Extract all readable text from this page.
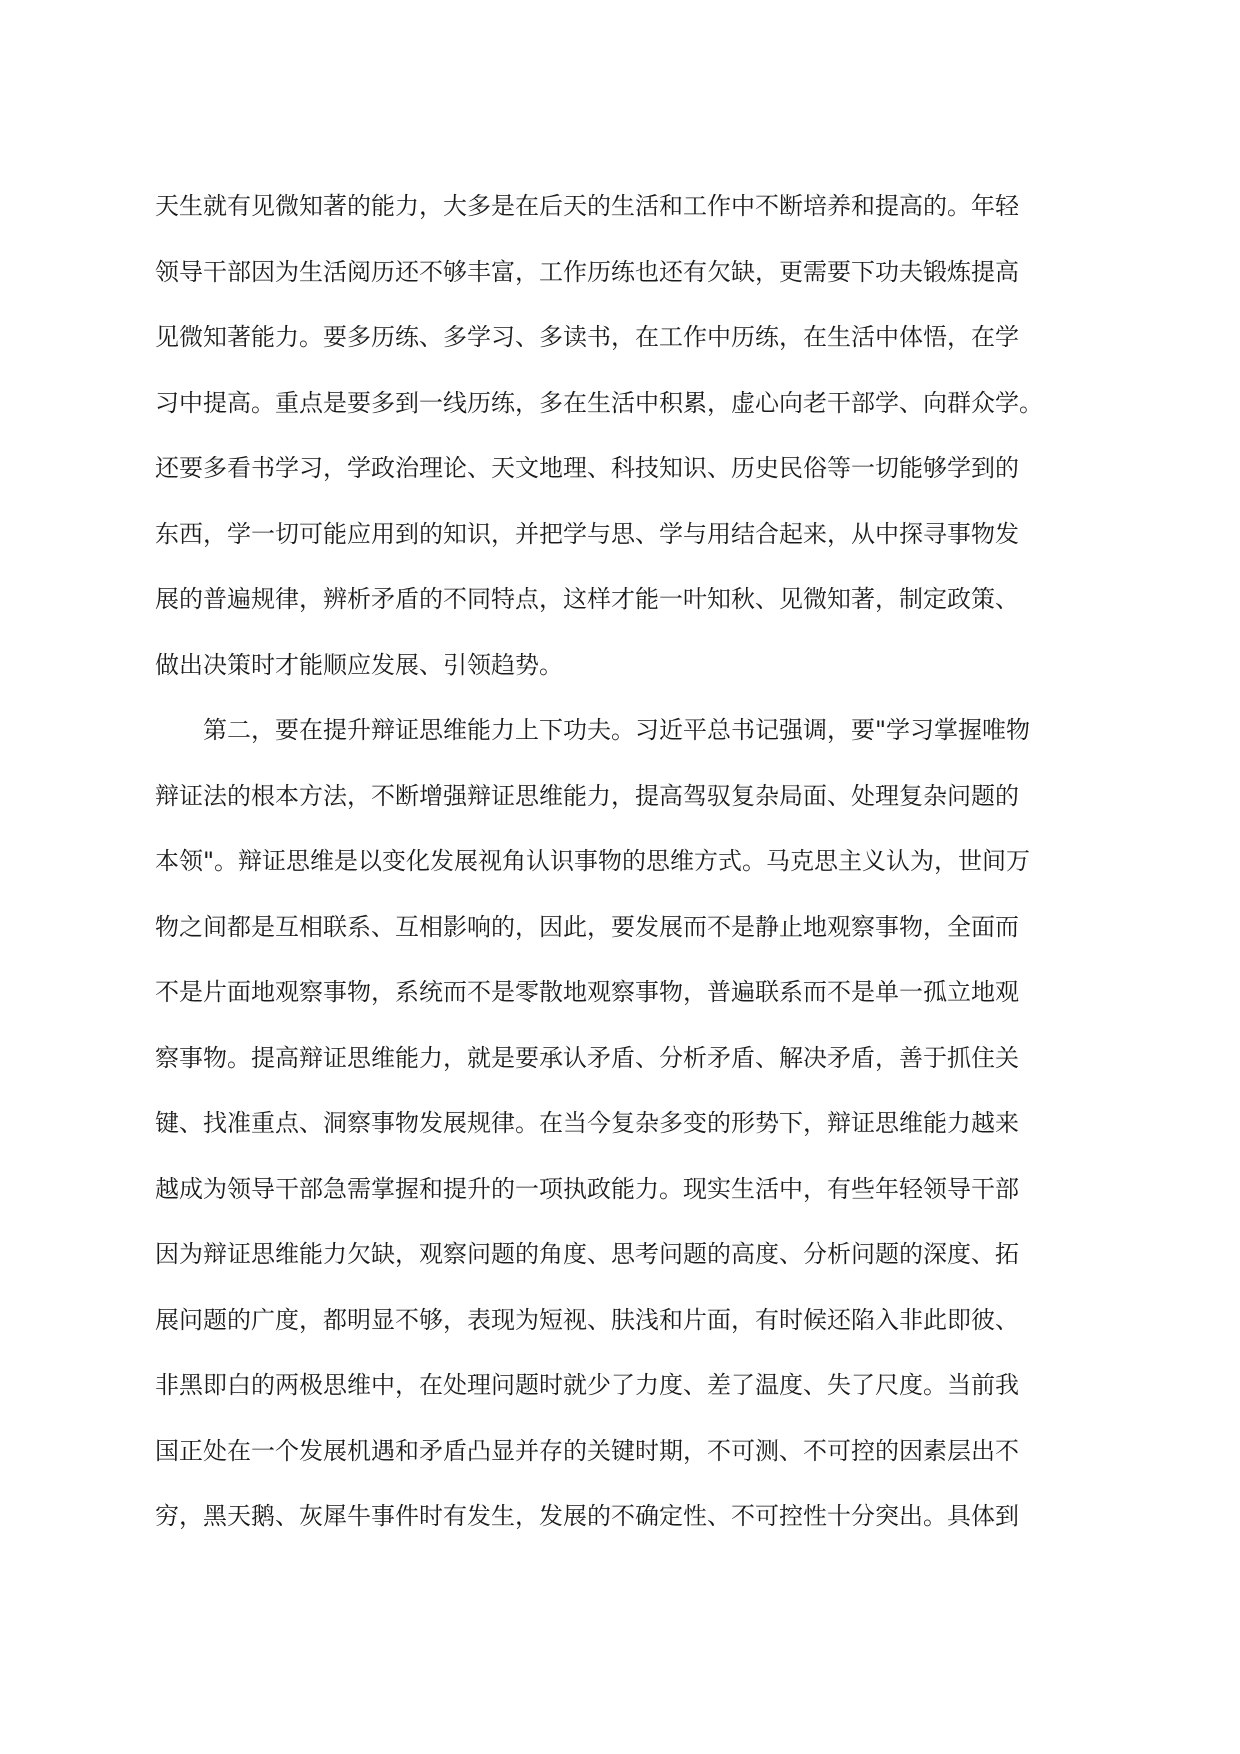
天生就有见微知著的能力，大多是在后天的生活和工作中不断培养和提高的。年轻
领导干部因为生活阅历还不够丰富，工作历练也还有欠缺，更需要下功夫锻炼提高
见微知著能力。要多历练、多学习、多读书，在工作中历练，在生活中体悟，在学
习中提高。重点是要多到一线历练，多在生活中积累，虚心向老干部学、向群众学。
还要多看书学习，学政治理论、天文地理、科技知识、历史民俗等一切能够学到的
东西，学一切可能应用到的知识，并把学与思、学与用结合起来，从中探寻事物发
展的普遍规律，辨析矛盾的不同特点，这样才能一叶知秋、见微知著，制定政策、
做出决策时才能顺应发展、引领趋势。
第二，要在提升辩证思维能力上下功夫。习近平总书记强调，要"学习掌握唯物
辩证法的根本方法，不断增强辩证思维能力，提高驾驭复杂局面、处理复杂问题的
本领"。辩证思维是以变化发展视角认识事物的思维方式。马克思主义认为，世间万
物之间都是互相联系、互相影响的，因此，要发展而不是静止地观察事物，全面而
不是片面地观察事物，系统而不是零散地观察事物，普遍联系而不是单一孤立地观
察事物。提高辩证思维能力，就是要承认矛盾、分析矛盾、解决矛盾，善于抓住关
键、找准重点、洞察事物发展规律。在当今复杂多变的形势下，辩证思维能力越来
越成为领导干部急需掌握和提升的一项执政能力。现实生活中，有些年轻领导干部
因为辩证思维能力欠缺，观察问题的角度、思考问题的高度、分析问题的深度、拓
展问题的广度，都明显不够，表现为短视、肤浅和片面，有时候还陷入非此即彼、
非黑即白的两极思维中，在处理问题时就少了力度、差了温度、失了尺度。当前我
国正处在一个发展机遇和矛盾凸显并存的关键时期，不可测、不可控的因素层出不
穷，黑天鹅、灰犀牛事件时有发生，发展的不确定性、不可控性十分突出。具体到
